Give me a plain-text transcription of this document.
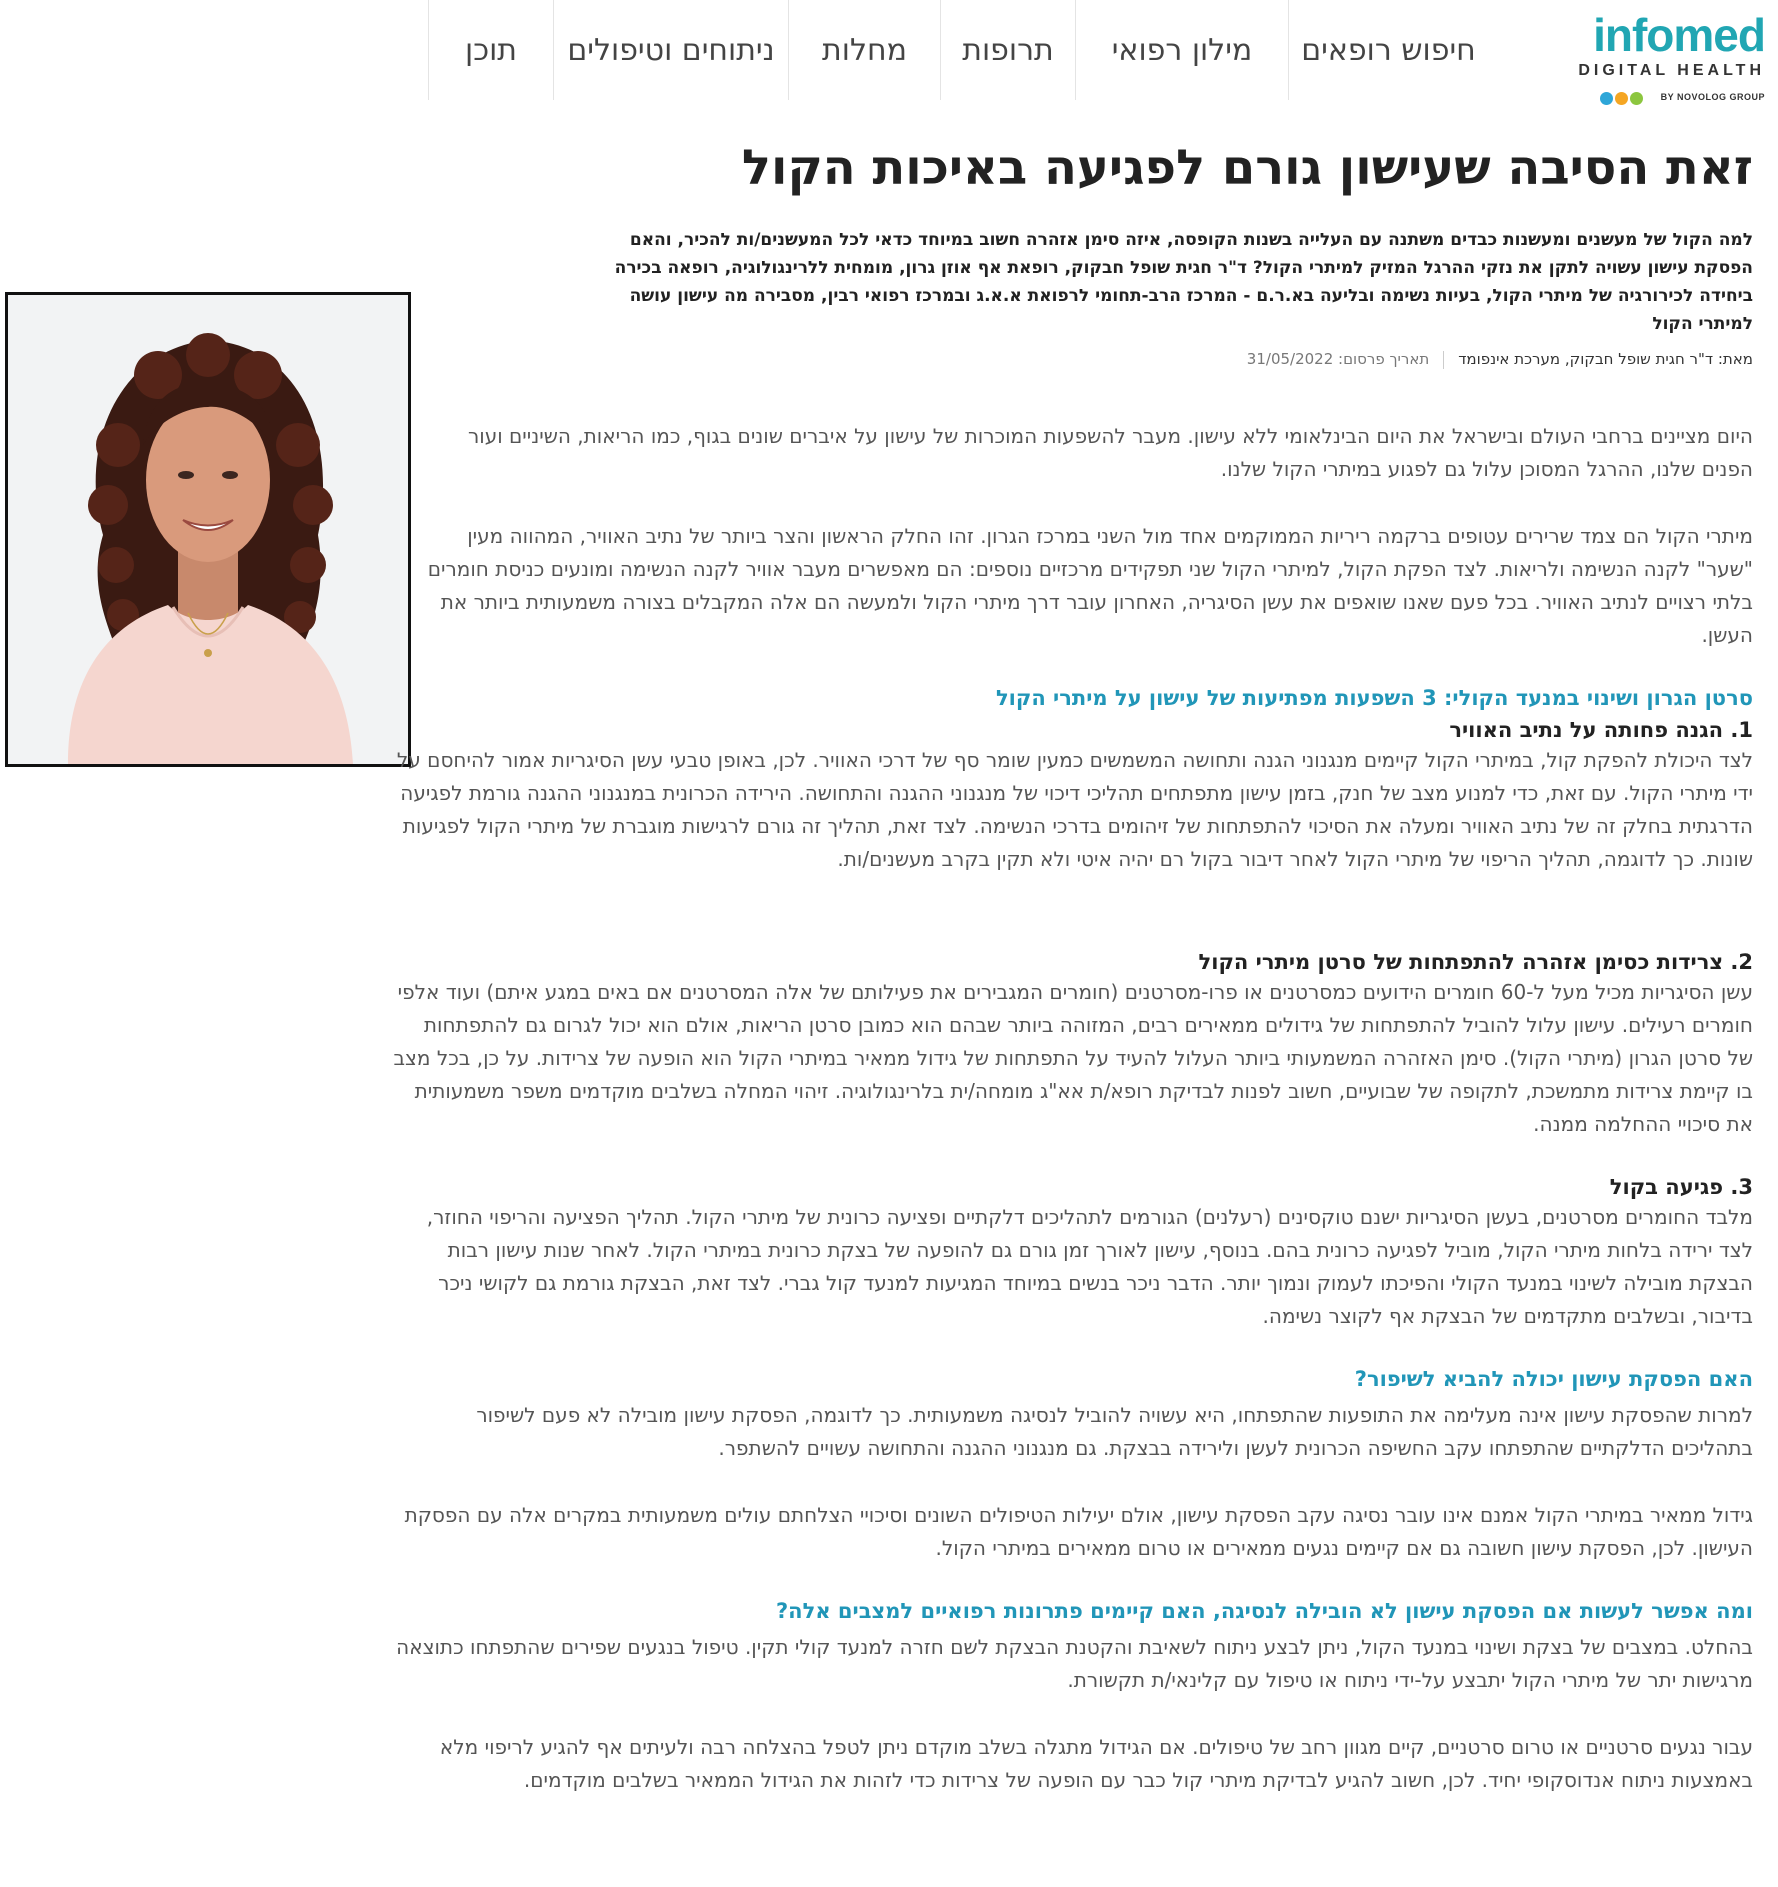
infomed
DIGITAL HEALTH
BY NOVOLOG GROUP
חיפוש רופאים
מילון רפואי
תרופות
מחלות
ניתוחים וטיפולים
תוכן
זאת הסיבה שעישון גורם לפגיעה באיכות הקול

למה הקול של מעשנים ומעשנות כבדים משתנה עם העלייה בשנות הקופסה, איזה סימן אזהרה חשוב במיוחד כדאי לכל המעשנים/ות להכיר, והאם הפסקת עישון עשויה לתקן את נזקי ההרגל המזיק למיתרי הקול? ד"ר חגית שופל חבקוק, רופאת אף אוזן גרון, מומחית ללרינגולוגיה, רופאה בכירה ביחידה לכירורגיה של מיתרי הקול, בעיות נשימה ובליעה בא.ר.ם - המרכז הרב-תחומי לרפואת א.א.ג ובמרכז רפואי רבין, מסבירה מה עישון עושה למיתרי הקול

מאת: ד"ר חגית שופל חבקוק, מערכת אינפומדתאריך פרסום: 31/05/2022

היום מציינים ברחבי העולם ובישראל את היום הבינלאומי ללא עישון. מעבר להשפעות המוכרות של עישון על איברים שונים בגוף, כמו הריאות, השיניים ועור הפנים שלנו, ההרגל המסוכן עלול גם לפגוע במיתרי הקול שלנו.

מיתרי הקול הם צמד שרירים עטופים ברקמה ריריות הממוקמים אחד מול השני במרכז הגרון. זהו החלק הראשון והצר ביותר של נתיב האוויר, המהווה מעין "שער" לקנה הנשימה ולריאות. לצד הפקת הקול, למיתרי הקול שני תפקידים מרכזיים נוספים: הם מאפשרים מעבר אוויר לקנה הנשימה ומונעים כניסת חומרים בלתי רצויים לנתיב האוויר. בכל פעם שאנו שואפים את עשן הסיגריה, האחרון עובר דרך מיתרי הקול ולמעשה הם אלה המקבלים בצורה משמעותית ביותר את העשן.

סרטן הגרון ושינוי במנעד הקולי: 3 השפעות מפתיעות של עישון על מיתרי הקול
1. הגנה פחותה על נתיב האוויר

לצד היכולת להפקת קול, במיתרי הקול קיימים מנגנוני הגנה ותחושה המשמשים כמעין שומר סף של דרכי האוויר. לכן, באופן טבעי עשן הסיגריות אמור להיחסם על ידי מיתרי הקול. עם זאת, כדי למנוע מצב של חנק, בזמן עישון מתפתחים תהליכי דיכוי של מנגנוני ההגנה והתחושה. הירידה הכרונית במנגנוני ההגנה גורמת לפגיעה הדרגתית בחלק זה של נתיב האוויר ומעלה את הסיכוי להתפתחות של זיהומים בדרכי הנשימה. לצד זאת, תהליך זה גורם לרגישות מוגברת של מיתרי הקול לפגיעות שונות. כך לדוגמה, תהליך הריפוי של מיתרי הקול לאחר דיבור בקול רם יהיה איטי ולא תקין בקרב מעשנים/ות.

2. צרידות כסימן אזהרה להתפתחות של סרטן מיתרי הקול

עשן הסיגריות מכיל מעל ל-60 חומרים הידועים כמסרטנים או פרו-מסרטנים (חומרים המגבירים את פעילותם של אלה המסרטנים אם באים במגע איתם) ועוד אלפי חומרים רעילים. עישון עלול להוביל להתפתחות של גידולים ממאירים רבים, המזוהה ביותר שבהם הוא כמובן סרטן הריאות, אולם הוא יכול לגרום גם להתפתחות של סרטן הגרון (מיתרי הקול). סימן האזהרה המשמעותי ביותר העלול להעיד על התפתחות של גידול ממאיר במיתרי הקול הוא הופעה של צרידות. על כן, בכל מצב בו קיימת צרידות מתמשכת, לתקופה של שבועיים, חשוב לפנות לבדיקת רופא/ת אא"ג מומחה/ית בלרינגולוגיה. זיהוי המחלה בשלבים מוקדמים משפר משמעותית את סיכויי ההחלמה ממנה.

3. פגיעה בקול

מלבד החומרים מסרטנים, בעשן הסיגריות ישנם טוקסינים (רעלנים) הגורמים לתהליכים דלקתיים ופציעה כרונית של מיתרי הקול. תהליך הפציעה והריפוי החוזר, לצד ירידה בלחות מיתרי הקול, מוביל לפגיעה כרונית בהם. בנוסף, עישון לאורך זמן גורם גם להופעה של בצקת כרונית במיתרי הקול. לאחר שנות עישון רבות הבצקת מובילה לשינוי במנעד הקולי והפיכתו לעמוק ונמוך יותר. הדבר ניכר בנשים במיוחד המגיעות למנעד קול גברי. לצד זאת, הבצקת גורמת גם לקושי ניכר בדיבור, ובשלבים מתקדמים של הבצקת אף לקוצר נשימה.

האם הפסקת עישון יכולה להביא לשיפור?

למרות שהפסקת עישון אינה מעלימה את התופעות שהתפתחו, היא עשויה להוביל לנסיגה משמעותית. כך לדוגמה, הפסקת עישון מובילה לא פעם לשיפור בתהליכים הדלקתיים שהתפתחו עקב החשיפה הכרונית לעשן ולירידה בבצקת. גם מנגנוני ההגנה והתחושה עשויים להשתפר.

גידול ממאיר במיתרי הקול אמנם אינו עובר נסיגה עקב הפסקת עישון, אולם יעילות הטיפולים השונים וסיכויי הצלחתם עולים משמעותית במקרים אלה עם הפסקת העישון. לכן, הפסקת עישון חשובה גם אם קיימים נגעים ממאירים או טרום ממאירים במיתרי הקול.

ומה אפשר לעשות אם הפסקת עישון לא הובילה לנסיגה, האם קיימים פתרונות רפואיים למצבים אלה?

בהחלט. במצבים של בצקת ושינוי במנעד הקול, ניתן לבצע ניתוח לשאיבת והקטנת הבצקת לשם חזרה למנעד קולי תקין. טיפול בנגעים שפירים שהתפתחו כתוצאה מרגישות יתר של מיתרי הקול יתבצע על-ידי ניתוח או טיפול עם קלינאי/ת תקשורת.

עבור נגעים סרטניים או טרום סרטניים, קיים מגוון רחב של טיפולים. אם הגידול מתגלה בשלב מוקדם ניתן לטפל בהצלחה רבה ולעיתים אף להגיע לריפוי מלא באמצעות ניתוח אנדוסקופי יחיד. לכן, חשוב להגיע לבדיקת מיתרי קול כבר עם הופעה של צרידות כדי לזהות את הגידול הממאיר בשלבים מוקדמים.
